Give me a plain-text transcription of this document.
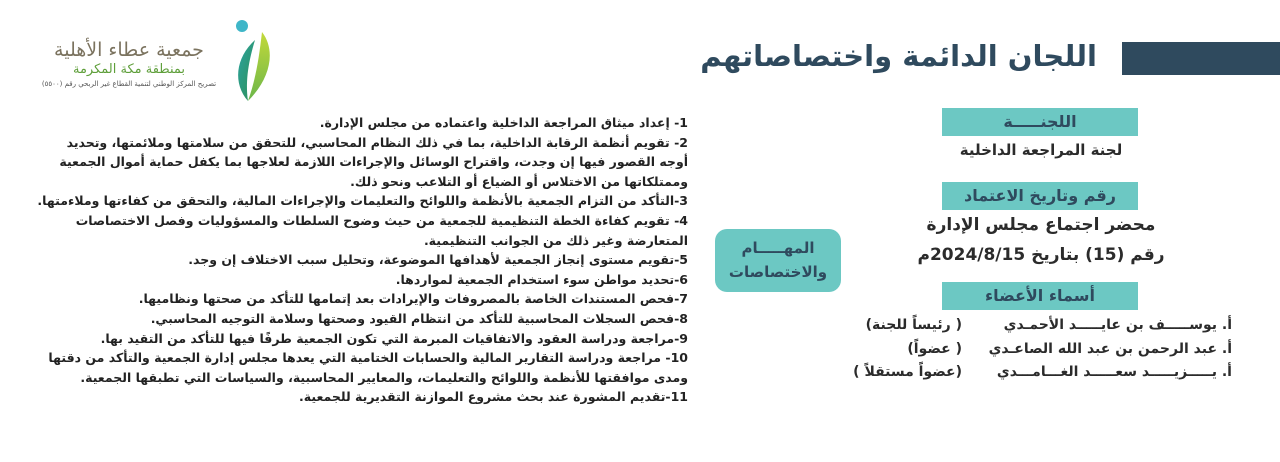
اللجان الدائمة واختصاصاتهم
جمعية عطاء الأهلية
بمنطقة مكة المكرمة
تصريح المركز الوطني لتنمية القطاع غير الربحي رقم (٥٥٠٠)
اللجنـــــة
لجنة المراجعة الداخلية
رقم وتاريخ الاعتماد
محضر اجتماع مجلس الإدارة
رقم (15) بتاريخ 2024/8/15م
أسماء الأعضاء
أ. يوســـــف بن عايـــــد الأحمـدي
( رئيساً للجنة)
أ. عبد الرحمن بن عبد الله الصاعـدي
( عضواً)
أ. يـــــزيـــــد سعـــــد الغـــامـــدي
(عضواً مستقلاً )
المهـــــام
والاختصاصات
1- إعداد ميثاق المراجعة الداخلية واعتماده من مجلس الإدارة.
2- تقويم أنظمة الرقابة الداخلية، بما في ذلك النظام المحاسبي، للتحقق من سلامتها وملائمتها، وتحديد
أوجه القصور فيها إن وجدت، واقتراح الوسائل والإجراءات اللازمة لعلاجها بما يكفل حماية أموال الجمعية
وممتلكاتها من الاختلاس أو الضياع أو التلاعب ونحو ذلك.
3-التأكد من التزام الجمعية بالأنظمة واللوائح والتعليمات والإجراءات المالية، والتحقق من كفاءتها وملاءمتها.
4- تقويم كفاءة الخطة التنظيمية للجمعية من حيث وضوح السلطات والمسؤوليات وفصل الاختصاصات
المتعارضة وغير ذلك من الجوانب التنظيمية.
5-تقويم مستوى إنجاز الجمعية لأهدافها الموضوعة، وتحليل سبب الاختلاف إن وجد.
6-تحديد مواطن سوء استخدام الجمعية لمواردها.
7-فحص المستندات الخاصة بالمصروفات والإيرادات بعد إتمامها للتأكد من صحتها ونظاميها.
8-فحص السجلات المحاسبية للتأكد من انتظام القيود وصحتها وسلامة التوجيه المحاسبي.
9-مراجعة ودراسة العقود والاتفاقيات المبرمة التي تكون الجمعية طرفًا فيها للتأكد من التقيد بها.
10- مراجعة ودراسة التقارير المالية والحسابات الختامية التي يعدها مجلس إدارة الجمعية والتأكد من دقتها
ومدى موافقتها للأنظمة واللوائح والتعليمات، والمعايير المحاسبية، والسياسات التي تطبقها الجمعية.
11-تقديم المشورة عند بحث مشروع الموازنة التقديرية للجمعية.
